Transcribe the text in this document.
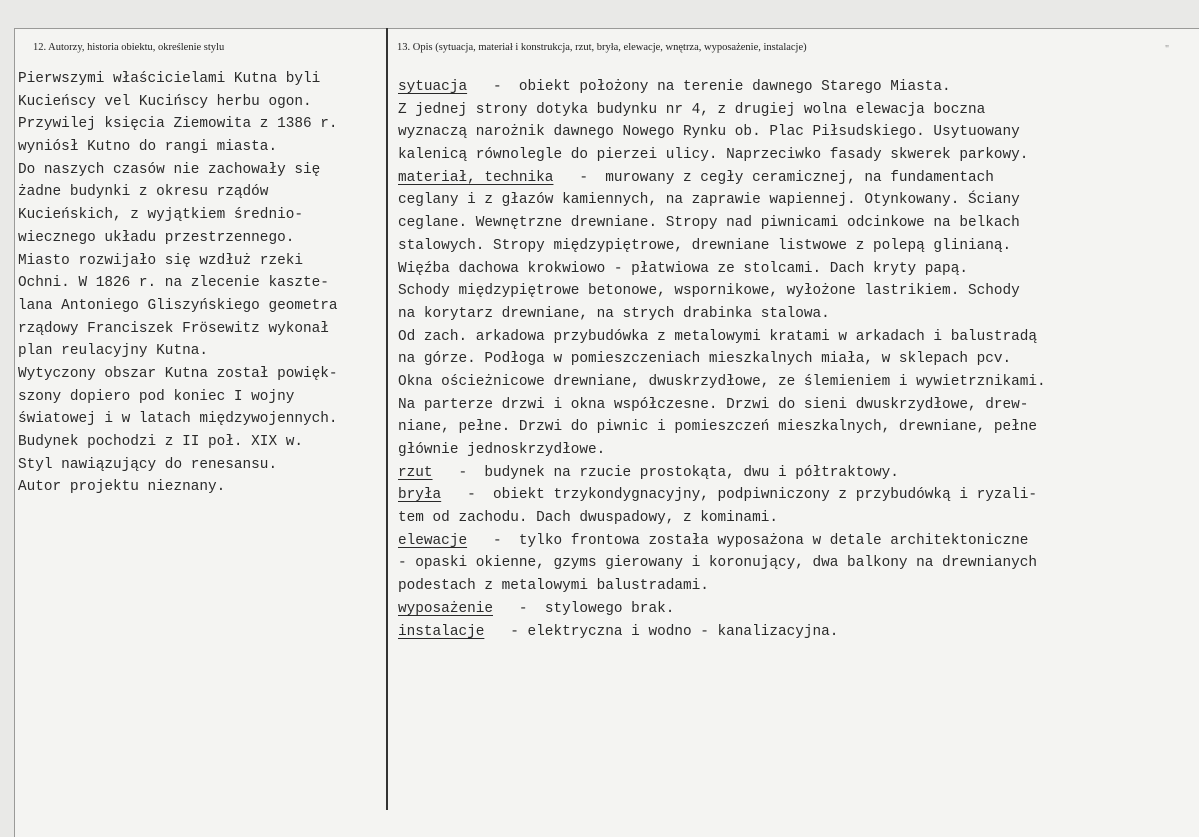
12. Autorzy, historia obiektu, określenie stylu	13. Opis (sytuacja, materiał i konstrukcja, rzut, bryła, elewacje, wnętrza, wyposażenie, instalacje)	"
Pierwszymi właścicielami Kutna byli
Kucieńscy vel Kucińscy herbu ogon.
Przywilej księcia Ziemowita z 1386 r.
wyniósł Kutno do rangi miasta.
Do naszych czasów nie zachowały się
żadne budynki z okresu rządów
Kucieńskich, z wyjątkiem średnio-
wiecznego układu przestrzennego.
Miasto rozwijało się wzdłuż rzeki
Ochni. W 1826 r. na zlecenie kaszte-
lana Antoniego Gliszyńskiego geometra
rządowy Franciszek Frösewitz wykonał
plan reulacyjny Kutna.
Wytyczony obszar Kutna został powięk-
szony dopiero pod koniec I wojny
światowej i w latach międzywojennych.
Budynek pochodzi z II poł. XIX w.
Styl nawiązujący do renesansu.
Autor projektu nieznany.
sytuacja   -  obiekt położony na terenie dawnego Starego Miasta.
Z jednej strony dotyka budynku nr 4, z drugiej wolna elewacja boczna
wyznaczą narożnik dawnego Nowego Rynku ob. Plac Piłsudskiego. Usytuowany
kalenicą równolegle do pierzei ulicy. Naprzeciwko fasady skwerek parkowy.
materiał, technika   -  murowany z cegły ceramicznej, na fundamentach
ceglany i z głazów kamiennych, na zaprawie wapiennej. Otynkowany. Ściany
ceglane. Wewnętrzne drewniane. Stropy nad piwnicami odcinkowe na belkach
stalowych. Stropy międzypiętrowe, drewniane listwowe z polepą glinianą.
Więźba dachowa krokwiowo - płatwiowa ze stolcami. Dach kryty papą.
Schody międzypiętrowe betonowe, wspornikowe, wyłożone lastrikiem. Schody
na korytarz drewniane, na strych drabinka stalowa.
Od zach. arkadowa przybudówka z metalowymi kratami w arkadach i balustradą
na górze. Podłoga w pomieszczeniach mieszkalnych miała, w sklepach pcv.
Okna ościeżnicowe drewniane, dwuskrzydłowe, ze ślemieniem i wywietrznikami.
Na parterze drzwi i okna współczesne. Drzwi do sieni dwuskrzydłowe, drew-
niane, pełne. Drzwi do piwnic i pomieszczeń mieszkalnych, drewniane, pełne
głównie jednoskrzydłowe.
rzut   -  budynek na rzucie prostokąta, dwu i półtraktowy.
bryła   -  obiekt trzykondygnacyjny, podpiwniczony z przybudówką i ryzali-
tem od zachodu. Dach dwuspadowy, z kominami.
elewacje   -  tylko frontowa została wyposażona w detale architektoniczne
- opaski okienne, gzyms gierowany i koronujący, dwa balkony na drewnianych
podestach z metalowymi balustradami.
wyposażenie   -  stylowego brak.
instalacje   - elektryczna i wodno - kanalizacyjna.
